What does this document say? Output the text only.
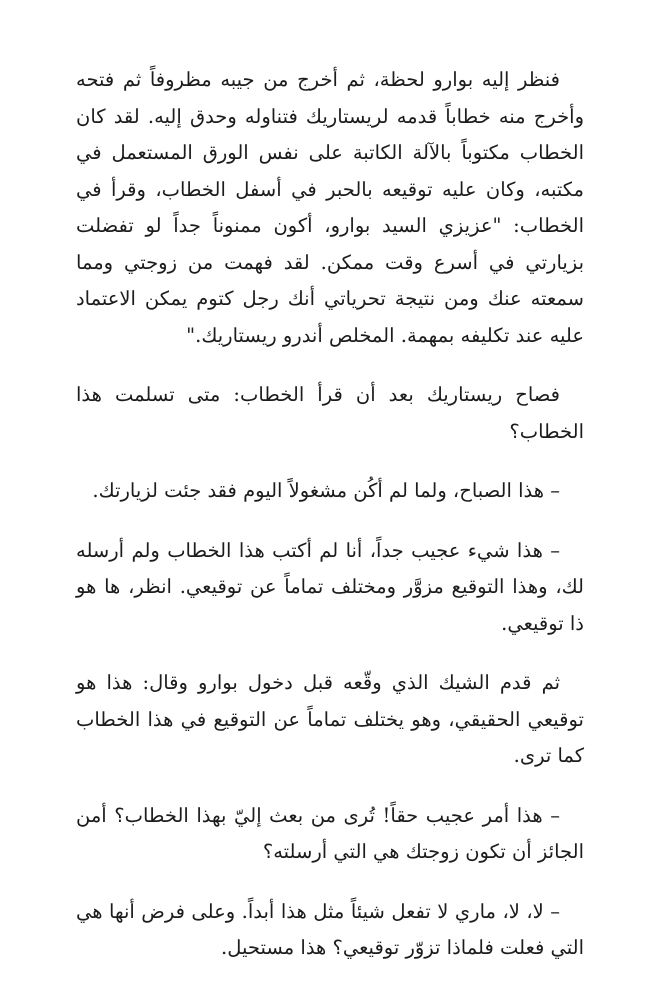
فنظر إليه بوارو لحظة، ثم أخرج من جيبه مظروفاً ثم فتحه وأخرج منه خطاباً قدمه لريستاريك فتناوله وحدق إليه. لقد كان الخطاب مكتوباً بالآلة الكاتبة على نفس الورق المستعمل في مكتبه، وكان عليه توقيعه بالحبر في أسفل الخطاب، وقرأ في الخطاب: "عزيزي السيد بوارو، أكون ممنوناً جداً لو تفضلت بزيارتي في أسرع وقت ممكن. لقد فهمت من زوجتي ومما سمعته عنك ومن نتيجة تحرياتي أنك رجل كتوم يمكن الاعتماد عليه عند تكليفه بمهمة. المخلص أندرو ريستاريك."

فصاح ريستاريك بعد أن قرأ الخطاب: متى تسلمت هذا الخطاب؟

– هذا الصباح، ولما لم أكُن مشغولاً اليوم فقد جئت لزيارتك.

– هذا شيء عجيب جداً، أنا لم أكتب هذا الخطاب ولم أرسله لك، وهذا التوقيع مزوَّر ومختلف تماماً عن توقيعي. انظر، ها هو ذا توقيعي.

ثم قدم الشيك الذي وقّعه قبل دخول بوارو وقال: هذا هو توقيعي الحقيقي، وهو يختلف تماماً عن التوقيع في هذا الخطاب كما ترى.

– هذا أمر عجيب حقاً! تُرى من بعث إليّ بهذا الخطاب؟ أمن الجائز أن تكون زوجتك هي التي أرسلته؟

– لا، لا، ماري لا تفعل شيئاً مثل هذا أبداً. وعلى فرض أنها هي التي فعلت فلماذا تزوّر توقيعي؟ هذا مستحيل.
